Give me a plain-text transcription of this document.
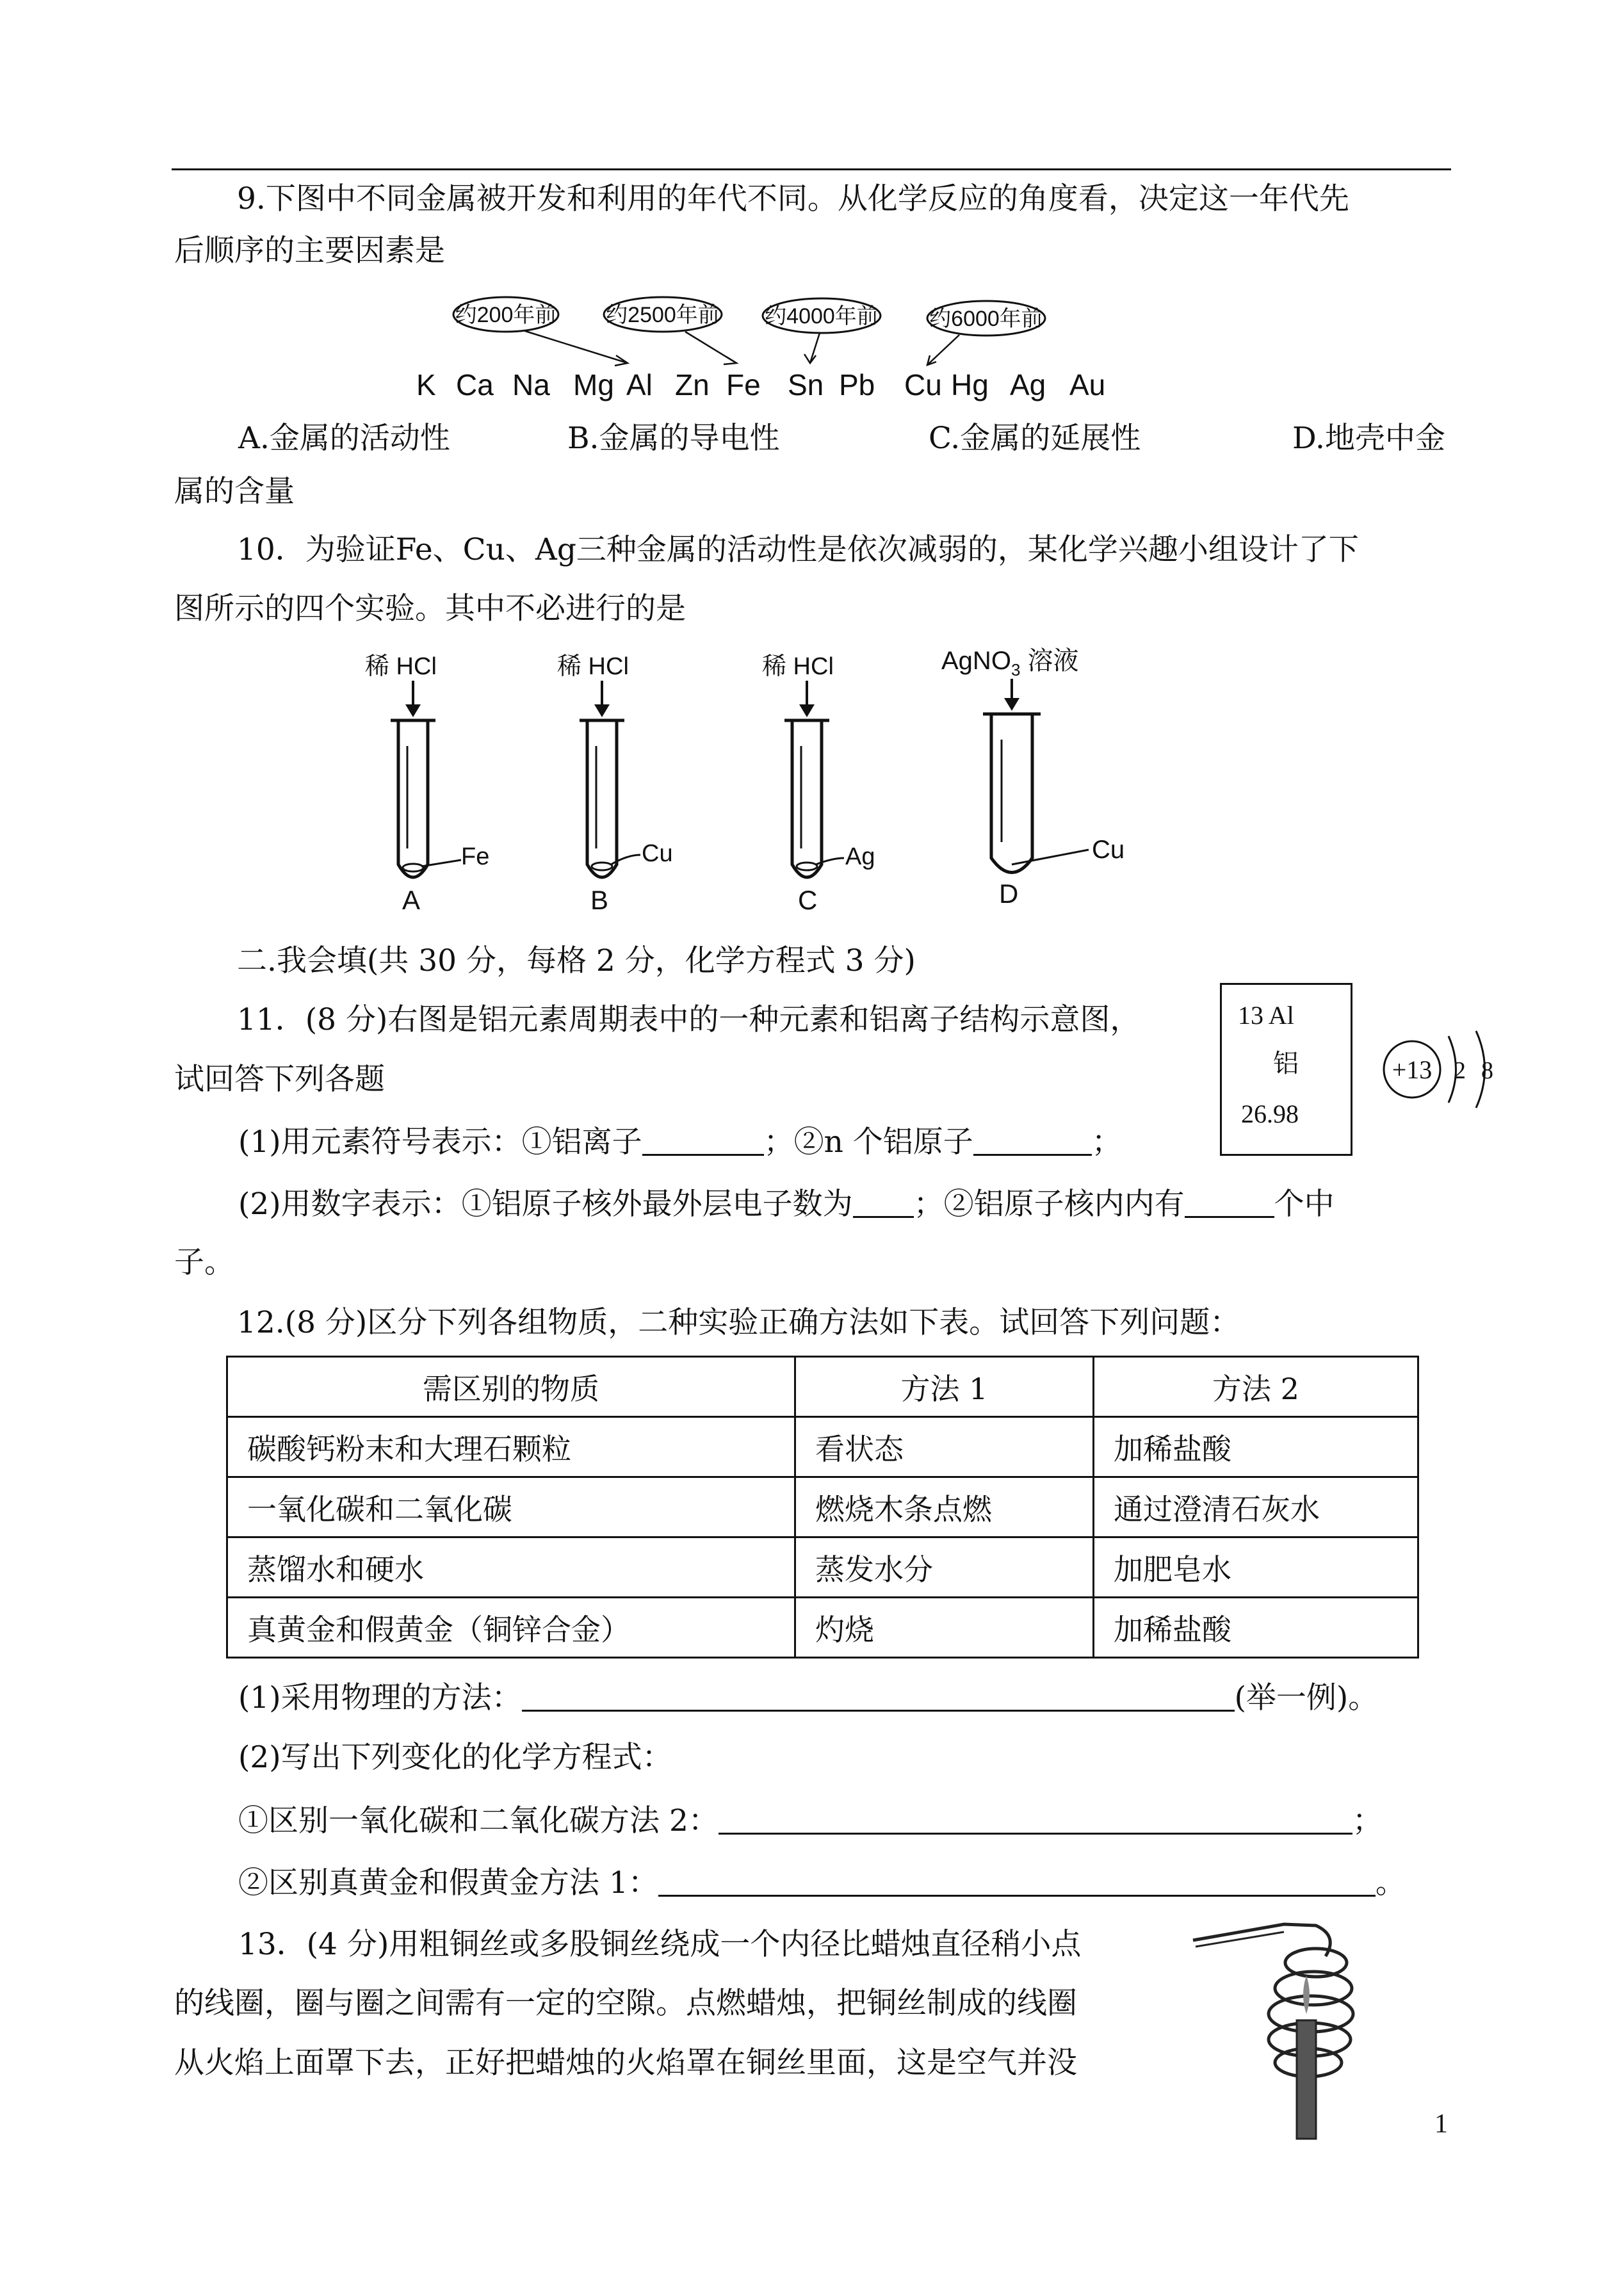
9.下图中不同金属被开发和利用的年代不同。从化学反应的角度看，决定这一年代先
后顺序的主要因素是
约200年前 约2500年前 约4000年前 约6000年前
K Ca Na Mg Al Zn Fe Sn Pb Cu Hg Ag Au
A.金属的活动性	B.金属的导电性	C.金属的延展性	D.地壳中金
属的含量
10．为验证Fe、Cu、Ag三种金属的活动性是依次减弱的，某化学兴趣小组设计了下
图所示的四个实验。其中不必进行的是
稀 HCl
Fe
A
稀 HCl
Cu
B
稀 HCl
Ag
C
AgNO$_3$ 溶液
Cu
D
二.我会填(共 30 分，每格 2 分，化学方程式 3 分)
11．(8 分)右图是铝元素周期表中的一种元素和铝离子结构示意图，
试回答下列各题
13 Al
铝
26.98
+13 2 8
(1)用元素符号表示：①铝离子	；②n 个铝原子	；
(2)用数字表示：①铝原子核外最外层电子数为 ；②铝原子核内内有	个中
子。
12.(8 分)区分下列各组物质，二种实验正确方法如下表。试回答下列问题：
需区别的物质	方法 1	方法 2
碳酸钙粉末和大理石颗粒	看状态	加稀盐酸
一氧化碳和二氧化碳	燃烧木条点燃	通过澄清石灰水
蒸馏水和硬水	蒸发水分	加肥皂水
真黄金和假黄金（铜锌合金）	灼烧	加稀盐酸
(1)采用物理的方法：	(举一例)。
(2)写出下列变化的化学方程式：
①区别一氧化碳和二氧化碳方法 2：	；
②区别真黄金和假黄金方法 1：	。
13．(4 分)用粗铜丝或多股铜丝绕成一个内径比蜡烛直径稍小点
的线圈，圈与圈之间需有一定的空隙。点燃蜡烛，把铜丝制成的线圈
从火焰上面罩下去，正好把蜡烛的火焰罩在铜丝里面，这是空气并没
1
